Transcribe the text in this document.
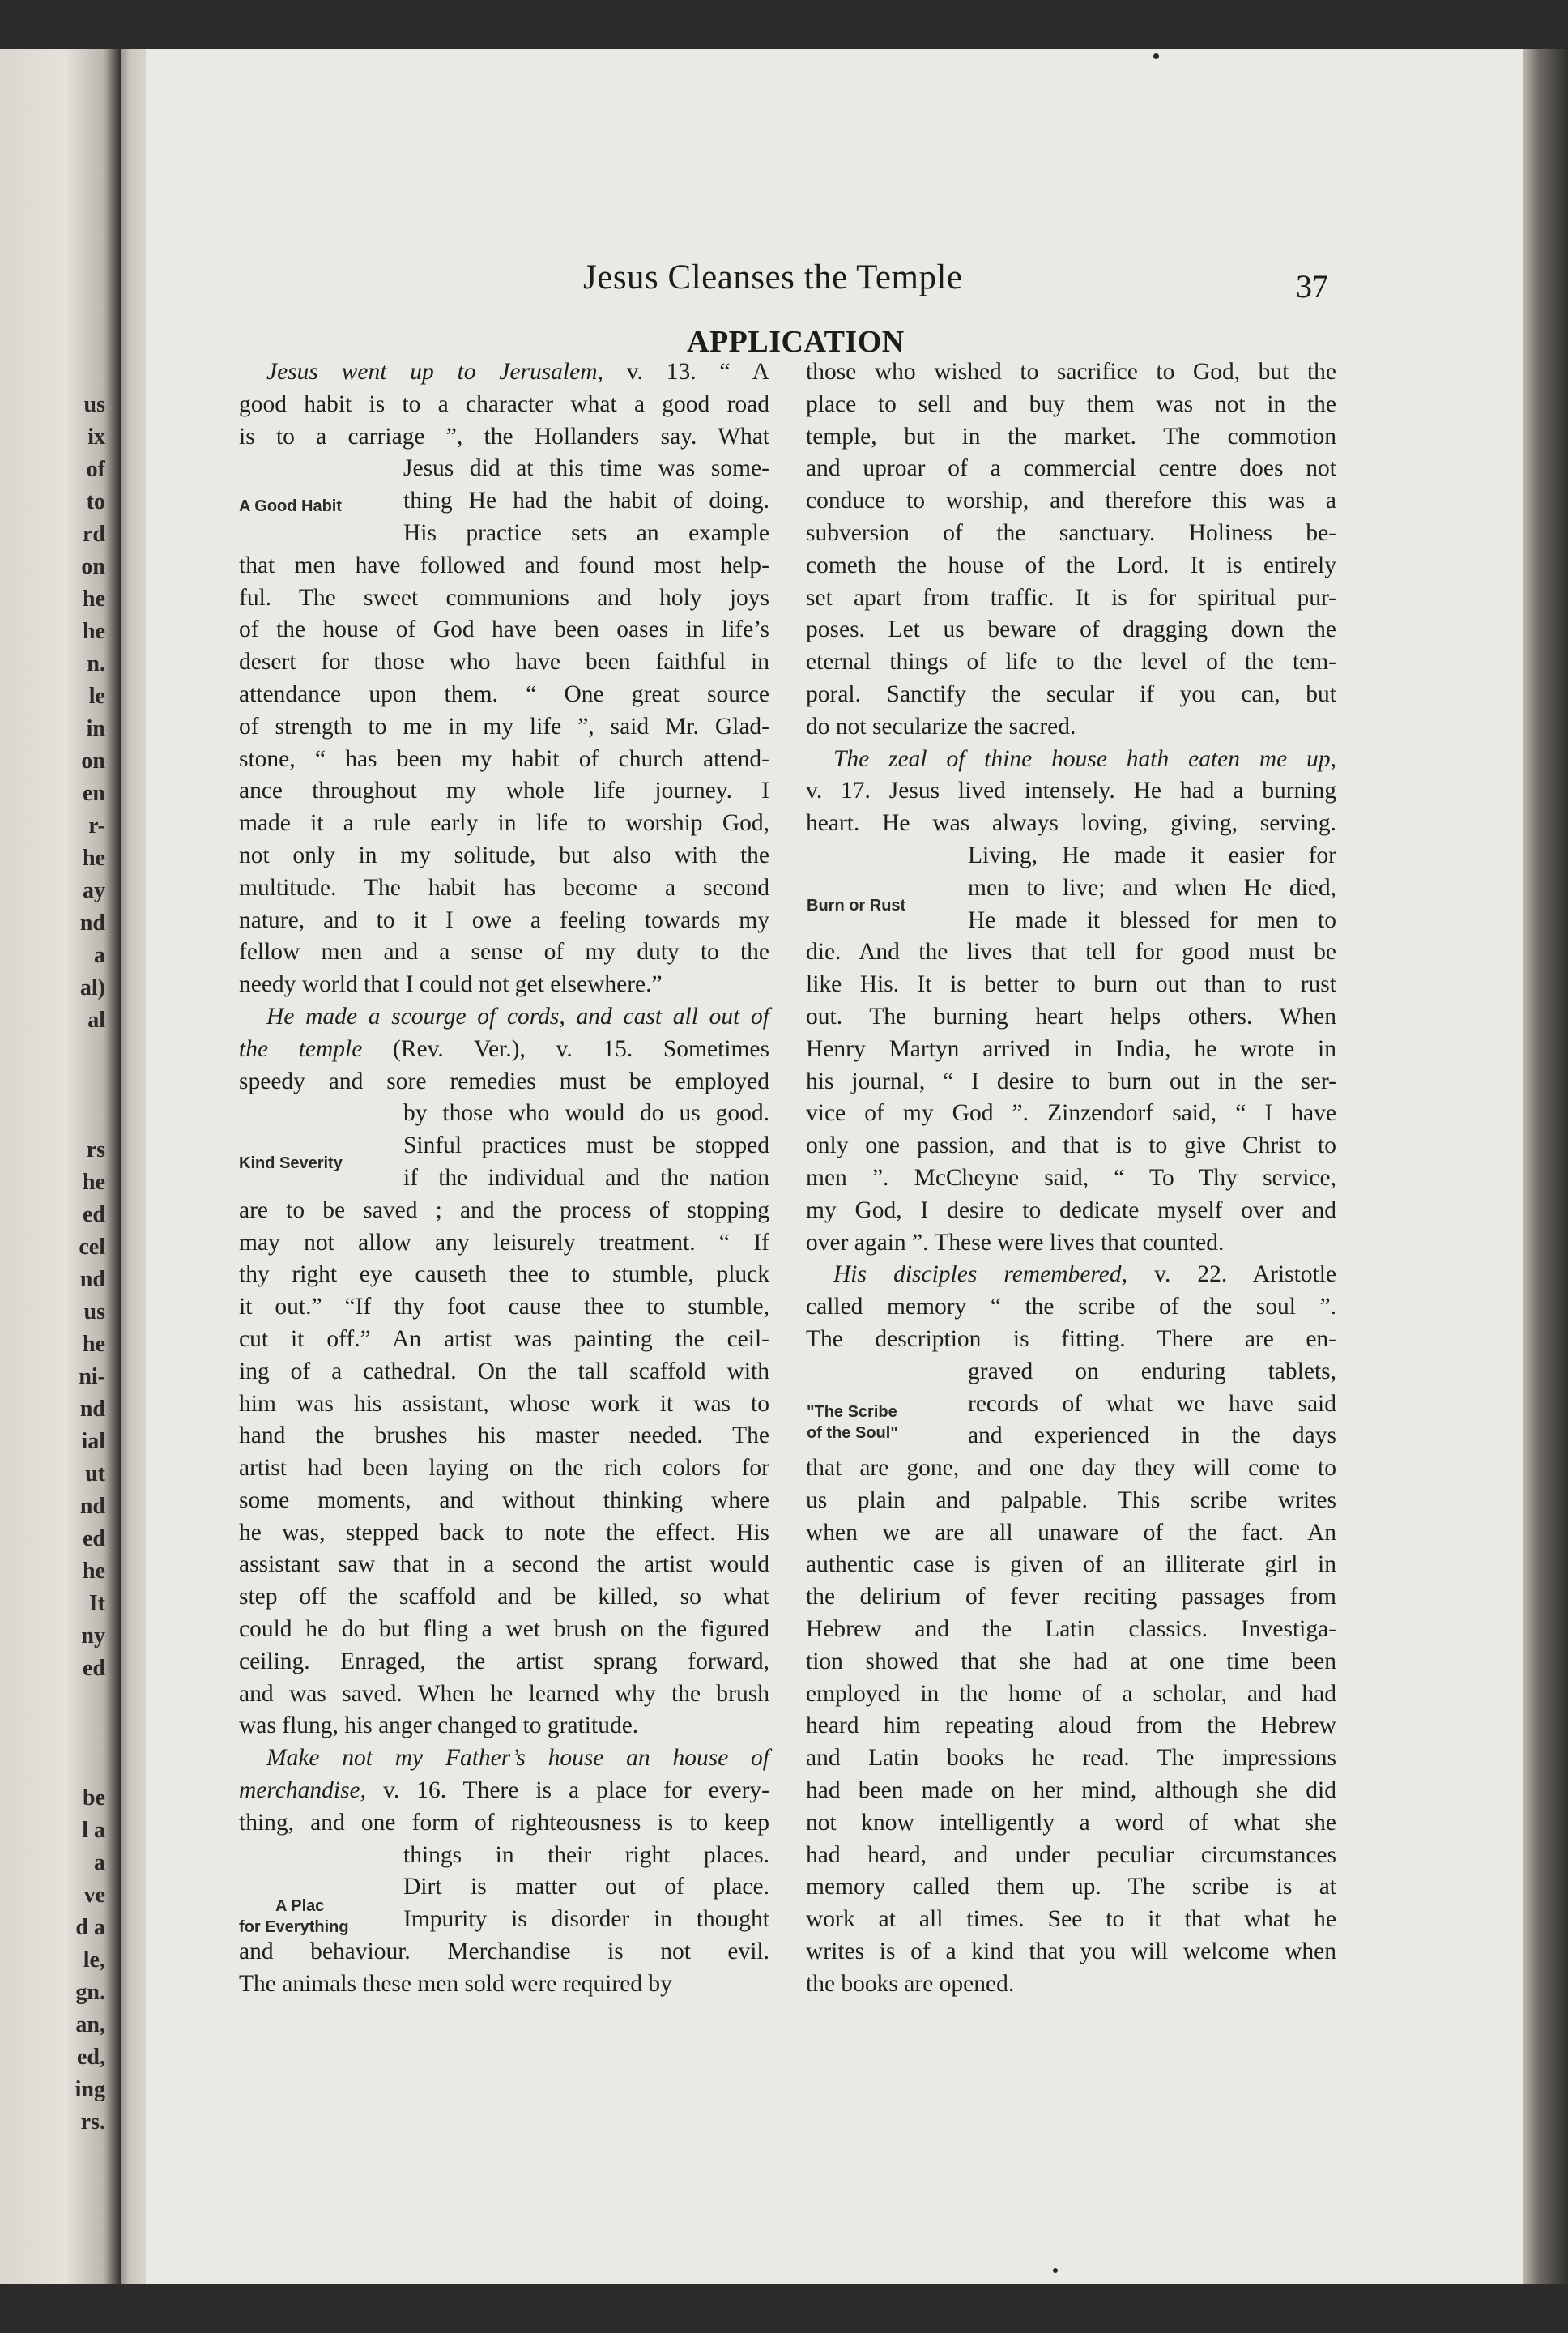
us
ix
of
to
rd
on
he
he
n.
le
in
on
en
r-
he
ay
nd
a
al)
al
rs
he
ed
cel
nd
us
he
ni-
nd
ial
ut
nd
ed
he
It
ny
ed
be
l a
a
ve
d a
le,
gn.
an,
ed,
ing
rs.
Jesus Cleanses the Temple	37
APPLICATION
Jesus went up to Jerusalem, v. 13. “ A
good habit is to a character what a good road
is to a carriage ”, the Hollanders say. What
Jesus did at this time was some-
thing He had the habit of doing.
His practice sets an example
that men have followed and found most help-
ful. The sweet communions and holy joys
of the house of God have been oases in life’s
desert for those who have been faithful in
attendance upon them. “ One great source
of strength to me in my life ”, said Mr. Glad-
stone, “ has been my habit of church attend-
ance throughout my whole life journey. I
made it a rule early in life to worship God,
not only in my solitude, but also with the
multitude. The habit has become a second
nature, and to it I owe a feeling towards my
fellow men and a sense of my duty to the
needy world that I could not get elsewhere.”
He made a scourge of cords, and cast all out of
the temple (Rev. Ver.), v. 15. Sometimes
speedy and sore remedies must be employed
by those who would do us good.
Sinful practices must be stopped
if the individual and the nation
are to be saved ; and the process of stopping
may not allow any leisurely treatment. “ If
thy right eye causeth thee to stumble, pluck
it out.” “If thy foot cause thee to stumble,
cut it off.” An artist was painting the ceil-
ing of a cathedral. On the tall scaffold with
him was his assistant, whose work it was to
hand the brushes his master needed. The
artist had been laying on the rich colors for
some moments, and without thinking where
he was, stepped back to note the effect. His
assistant saw that in a second the artist would
step off the scaffold and be killed, so what
could he do but fling a wet brush on the figured
ceiling. Enraged, the artist sprang forward,
and was saved. When he learned why the brush
was flung, his anger changed to gratitude.
Make not my Father’s house an house of
merchandise, v. 16. There is a place for every-
thing, and one form of righteousness is to keep
things in their right places.
Dirt is matter out of place.
Impurity is disorder in thought
and behaviour. Merchandise is not evil.
The animals these men sold were required by
those who wished to sacrifice to God, but the
place to sell and buy them was not in the
temple, but in the market. The commotion
and uproar of a commercial centre does not
conduce to worship, and therefore this was a
subversion of the sanctuary. Holiness be-
cometh the house of the Lord. It is entirely
set apart from traffic. It is for spiritual pur-
poses. Let us beware of dragging down the
eternal things of life to the level of the tem-
poral. Sanctify the secular if you can, but
do not secularize the sacred.
The zeal of thine house hath eaten me up,
v. 17. Jesus lived intensely. He had a burning
heart. He was always loving, giving, serving.
Living, He made it easier for
men to live; and when He died,
He made it blessed for men to
die. And the lives that tell for good must be
like His. It is better to burn out than to rust
out. The burning heart helps others. When
Henry Martyn arrived in India, he wrote in
his journal, “ I desire to burn out in the ser-
vice of my God ”. Zinzendorf said, “ I have
only one passion, and that is to give Christ to
men ”. McCheyne said, “ To Thy service,
my God, I desire to dedicate myself over and
over again ”. These were lives that counted.
His disciples remembered, v. 22. Aristotle
called memory “ the scribe of the soul ”.
The description is fitting. There are en-
graved on enduring tablets,
records of what we have said
and experienced in the days
that are gone, and one day they will come to
us plain and palpable. This scribe writes
when we are all unaware of the fact. An
authentic case is given of an illiterate girl in
the delirium of fever reciting passages from
Hebrew and the Latin classics. Investiga-
tion showed that she had at one time been
employed in the home of a scholar, and had
heard him repeating aloud from the Hebrew
and Latin books he read. The impressions
had been made on her mind, although she did
not know intelligently a word of what she
had heard, and under peculiar circumstances
memory called them up. The scribe is at
work at all times. See to it that what he
writes is of a kind that you will welcome when
the books are opened.
A Good Habit
Kind Severity
A Plac
for Everything
Burn or Rust
"The Scribe
of the Soul"
